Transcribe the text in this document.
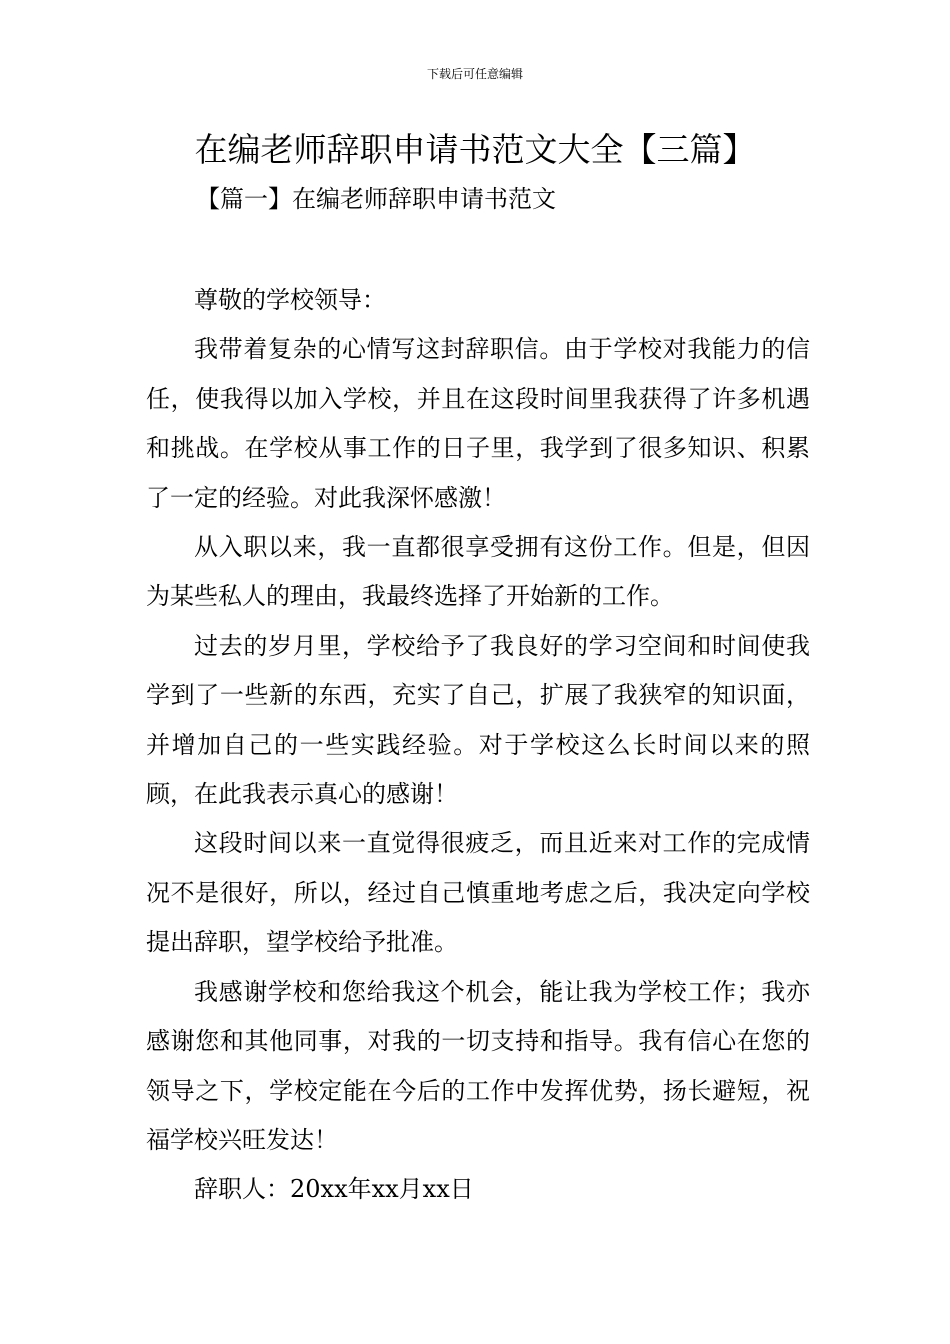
下载后可任意编辑
在编老师辞职申请书范文大全【三篇】
【篇一】在编老师辞职申请书范文

尊敬的学校领导：

我带着复杂的心情写这封辞职信。由于学校对我能力的信任，使我得以加入学校，并且在这段时间里我获得了许多机遇和挑战。在学校从事工作的日子里，我学到了很多知识、积累了一定的经验。对此我深怀感激！

从入职以来，我一直都很享受拥有这份工作。但是，但因为某些私人的理由，我最终选择了开始新的工作。

过去的岁月里，学校给予了我良好的学习空间和时间使我学到了一些新的东西，充实了自己，扩展了我狭窄的知识面，并增加自己的一些实践经验。对于学校这么长时间以来的照顾，在此我表示真心的感谢！

这段时间以来一直觉得很疲乏，而且近来对工作的完成情况不是很好，所以，经过自己慎重地考虑之后，我决定向学校提出辞职，望学校给予批准。

我感谢学校和您给我这个机会，能让我为学校工作；我亦感谢您和其他同事，对我的一切支持和指导。我有信心在您的领导之下，学校定能在今后的工作中发挥优势，扬长避短，祝福学校兴旺发达！

辞职人：20xx年xx月xx日
